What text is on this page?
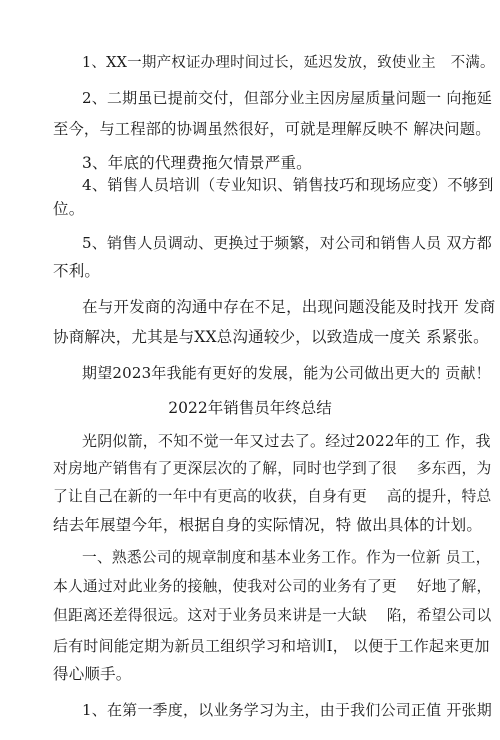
1、XX一期产权证办理时间过长，延迟发放，致使业主　不满。
2、二期虽已提前交付，但部分业主因房屋质量问题一 向拖延
至今，与工程部的协调虽然很好，可就是理解反映不 解决问题。
3、年底的代理费拖欠情景严重。
4、销售人员培训（专业知识、销售技巧和现场应变）不够到
位。
5、销售人员调动、更换过于频繁，对公司和销售人员 双方都
不利。
在与开发商的沟通中存在不足，出现问题没能及时找开 发商
协商解决，尤其是与XX总沟通较少，以致造成一度关 系紧张。
期望2023年我能有更好的发展，能为公司做出更大的 贡献！
2022年销售员年终总结
光阴似箭，不知不觉一年又过去了。经过2022年的工 作，我
对房地产销售有了更深层次的了解，同时也学到了很　 多东西，为
了让自己在新的一年中有更高的收获，自身有更　 高的提升，特总
结去年展望今年，根据自身的实际情况，特 做出具体的计划。
一、熟悉公司的规章制度和基本业务工作。作为一位新 员工，
本人通过对此业务的接触，使我对公司的业务有了更　 好地了解，
但距离还差得很远。这对于业务员来讲是一大缺　 陷，希望公司以
后有时间能定期为新员工组织学习和培训I， 以便于工作起来更加
得心顺手。
1、在第一季度，以业务学习为主，由于我们公司正值 开张期
